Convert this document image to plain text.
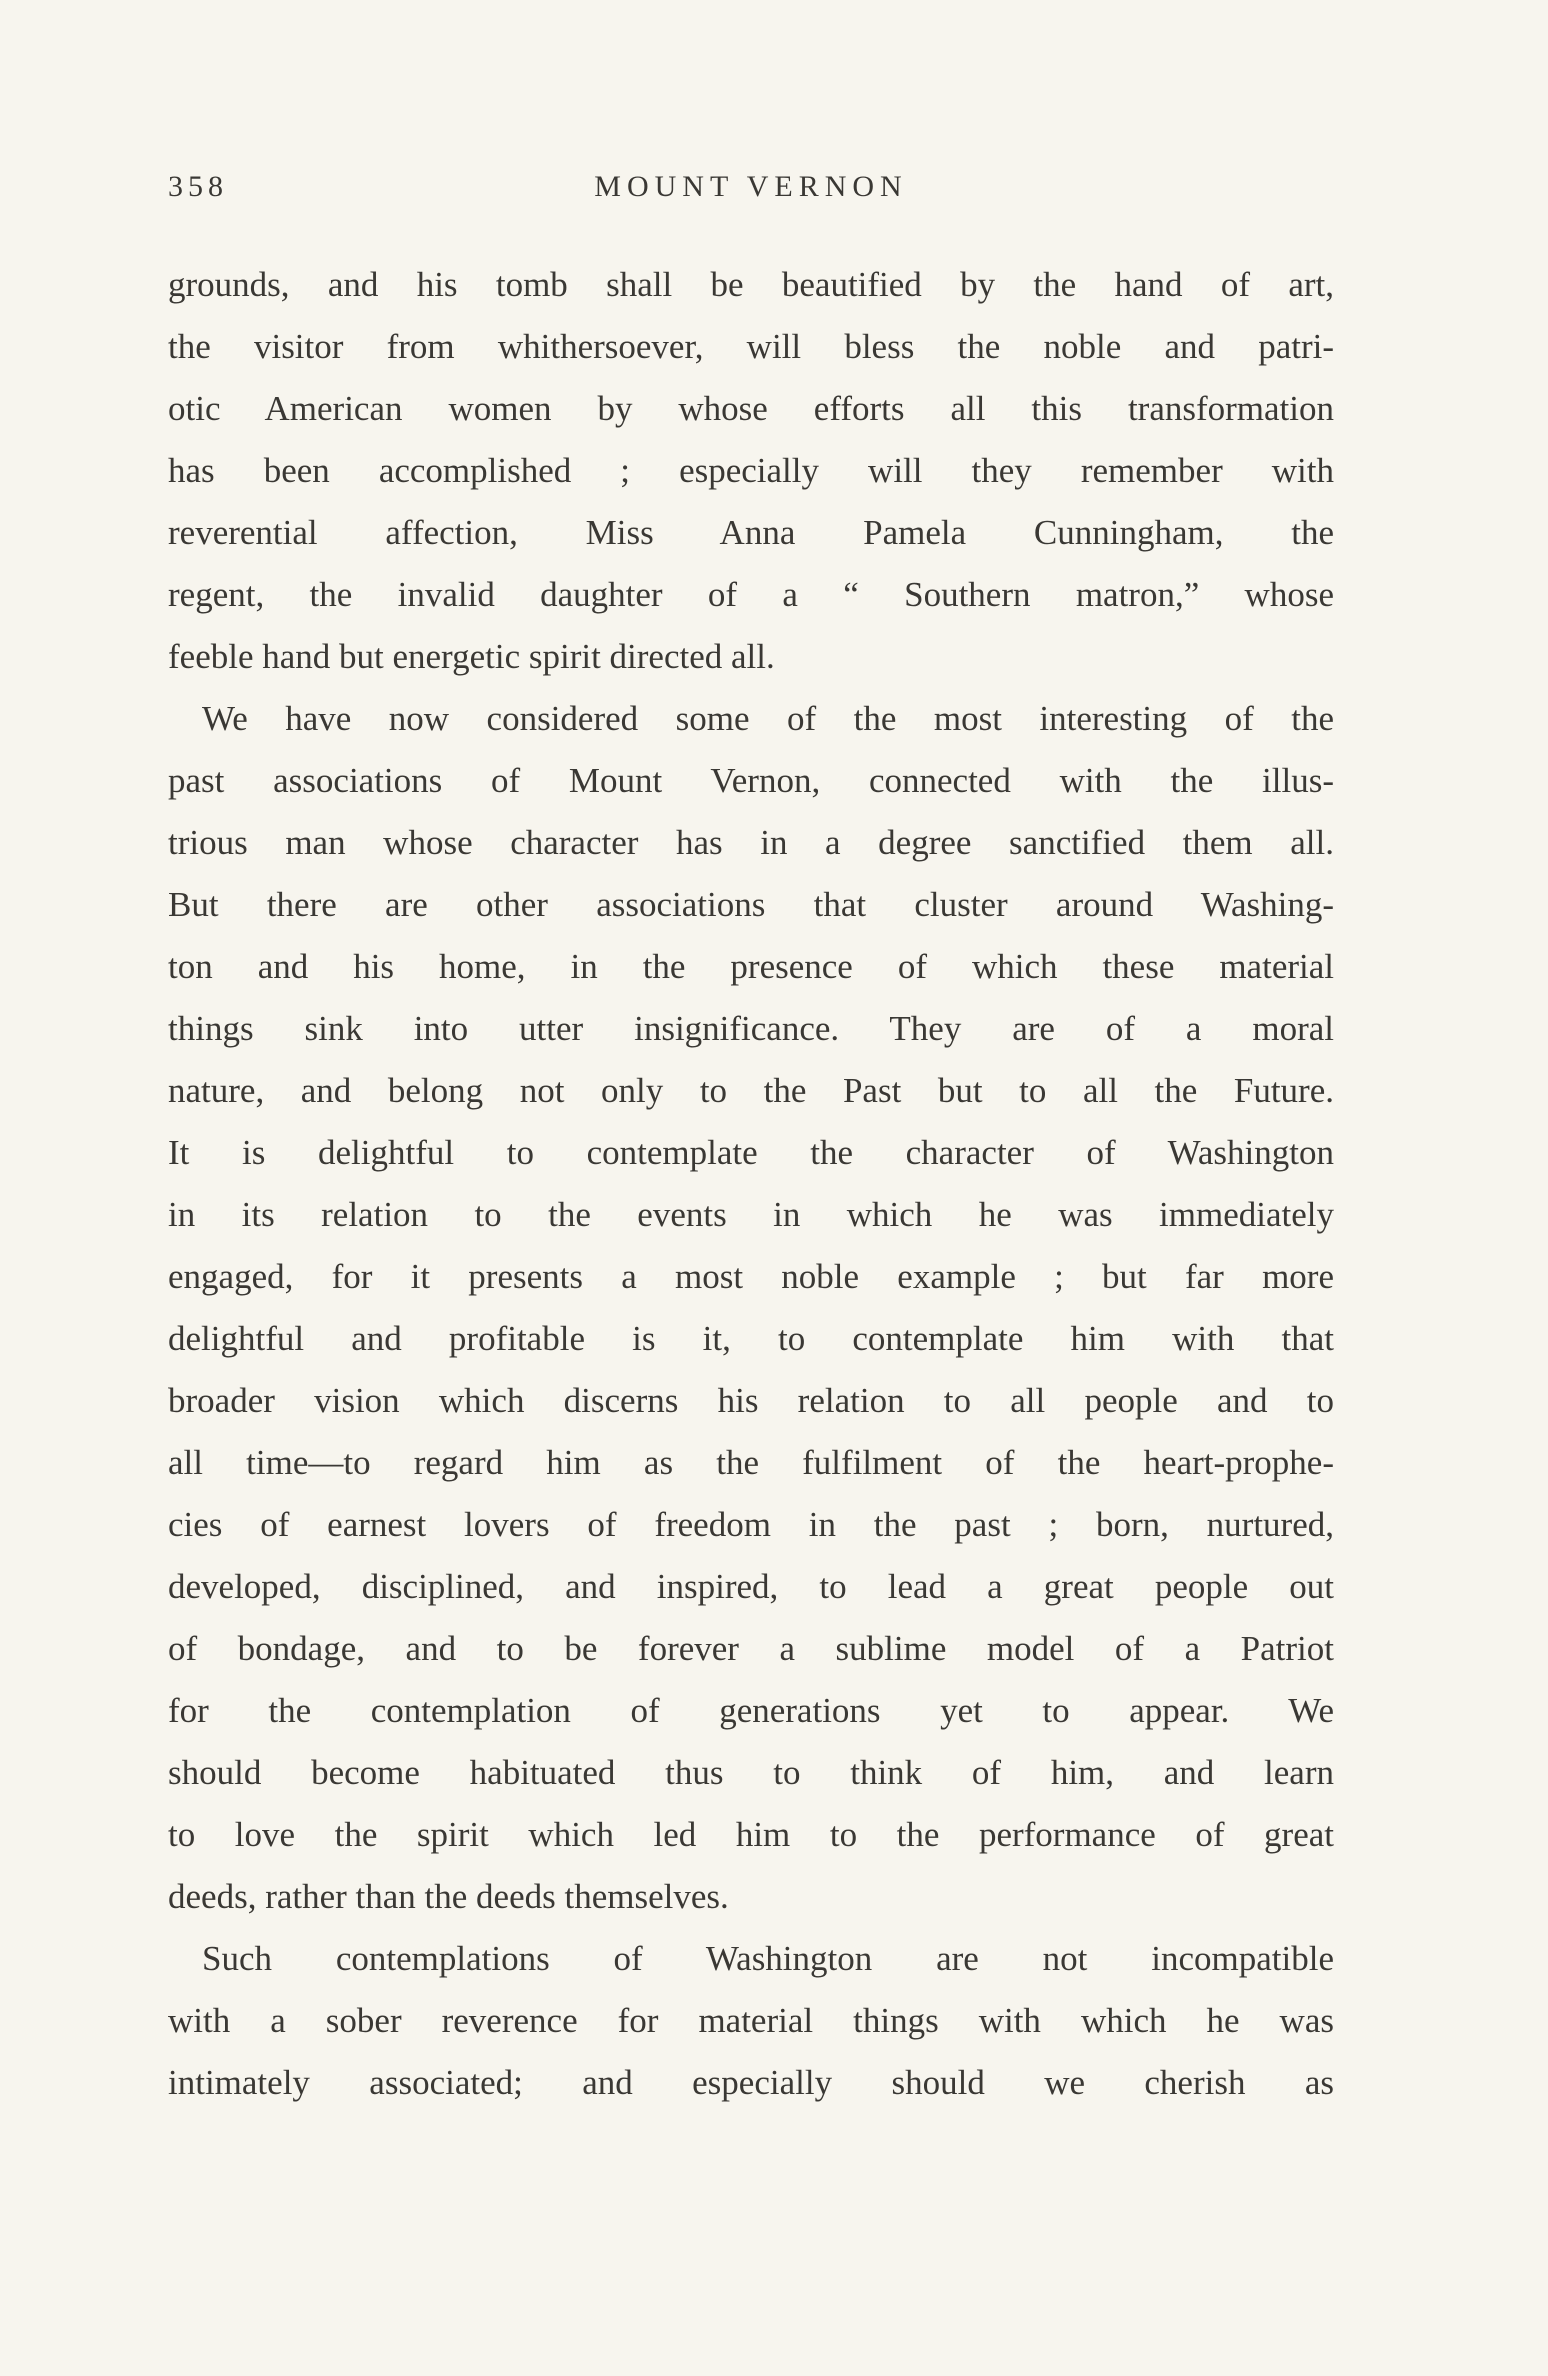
358	MOUNT VERNON
grounds, and his tomb shall be beautified by the hand of art,
the visitor from whithersoever, will bless the noble and patri-
otic American women by whose efforts all this transformation
has been accomplished ; especially will they remember with
reverential affection, Miss Anna Pamela Cunningham, the
regent, the invalid daughter of a “ Southern matron,” whose
feeble hand but energetic spirit directed all.
We have now considered some of the most interesting of the
past associations of Mount Vernon, connected with the illus-
trious man whose character has in a degree sanctified them all.
But there are other associations that cluster around Washing-
ton and his home, in the presence of which these material
things sink into utter insignificance. They are of a moral
nature, and belong not only to the Past but to all the Future.
It is delightful to contemplate the character of Washington
in its relation to the events in which he was immediately
engaged, for it presents a most noble example ; but far more
delightful and profitable is it, to contemplate him with that
broader vision which discerns his relation to all people and to
all time—to regard him as the fulfilment of the heart-prophe-
cies of earnest lovers of freedom in the past ; born, nurtured,
developed, disciplined, and inspired, to lead a great people out
of bondage, and to be forever a sublime model of a Patriot
for the contemplation of generations yet to appear. We
should become habituated thus to think of him, and learn
to love the spirit which led him to the performance of great
deeds, rather than the deeds themselves.
Such contemplations of Washington are not incompatible
with a sober reverence for material things with which he was
intimately associated; and especially should we cherish as
